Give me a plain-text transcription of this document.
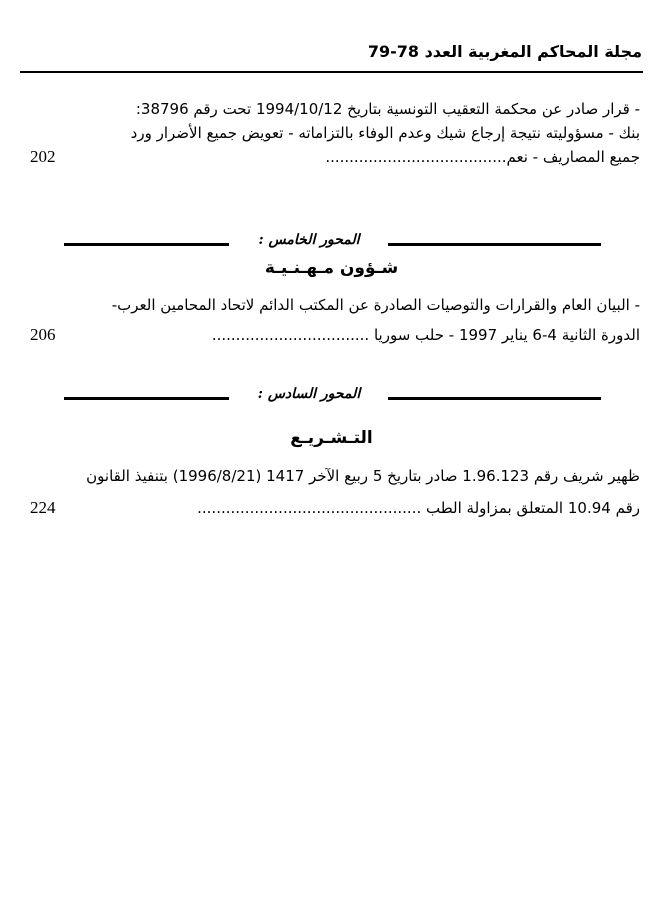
مجلة المحاكم المغربية العدد 78-79
- قرار صادر عن محكمة التعقيب التونسية بتاريخ 1994/10/12 تحت رقم 38796:
بنك - مسؤوليته نتيجة إرجاع شيك وعدم الوفاء بالتزاماته - تعويض جميع الأضرار ورد
جميع المصاريف - نعم......................................
202
المحور الخامس :
شـؤون مـهـنـيـة
- البيان العام والقرارات والتوصيات الصادرة عن المكتب الدائم لاتحاد المحامين العرب-
الدورة الثانية 4-6 يناير 1997 - حلب سوريا .................................
206
المحور السادس :
التـشـريـع
ظهير شريف رقم 1.96.123 صادر بتاريخ 5 ربيع الآخر 1417 (1996/8/21) بتنفيذ القانون
رقم 10.94 المتعلق بمزاولة الطب ...............................................
224
